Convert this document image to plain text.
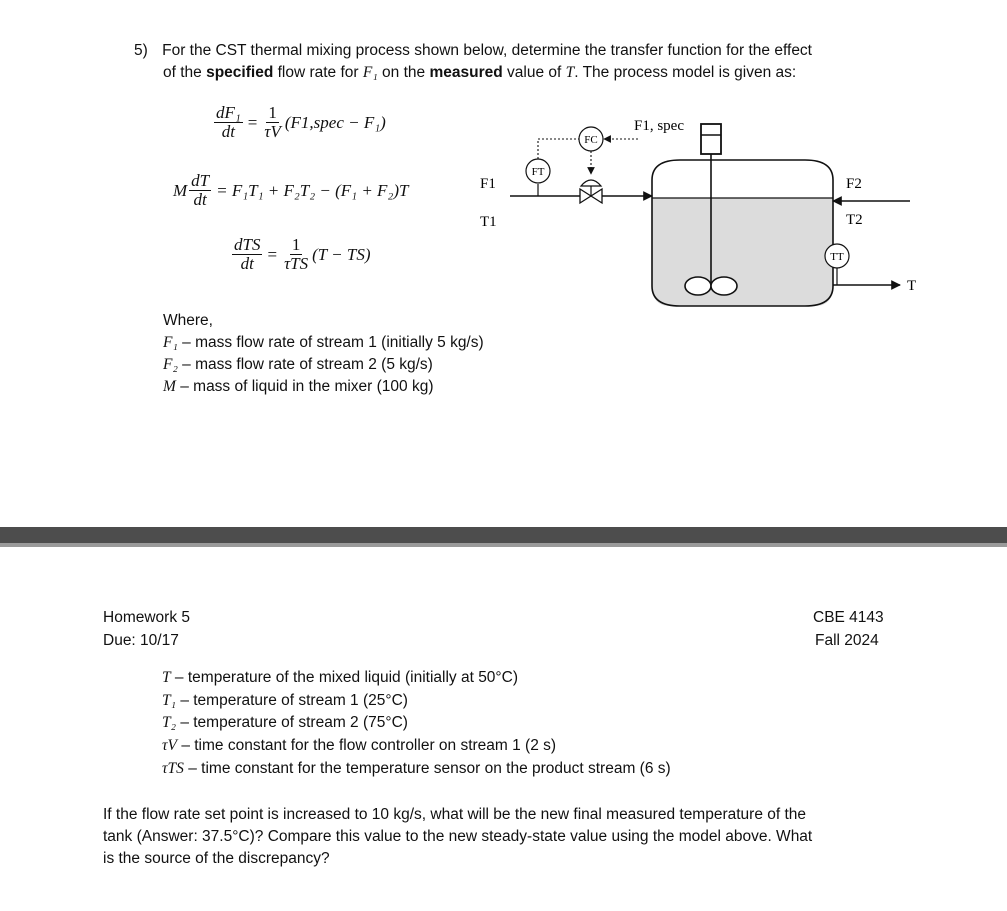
5) For the CST thermal mixing process shown below, determine the transfer function for the effect
of the specified flow rate for F₁ on the measured value of T. The process model is given as:
$\frac{\text{dF₁}}{dt} = \frac{1}{\tau V}$ (F1,spec − F₁)
M $\frac{dT}{dt} = F_1T_1 + F_2T_2 - (F_1 + F_2)T$
$\frac{\text{dTS}}{dt} = \frac{1}{\text{τTS}} (T - TS)$
F1
T1
FT
FC
F1, spec
F2
T2
TT
T
Where,
F₁ – mass flow rate of stream 1 (initially 5 kg/s)
F₂ – mass flow rate of stream 2 (5 kg/s)
M – mass of liquid in the mixer (100 kg)
Homework 5
Due: 10/17
CBE 4143
Fall 2024
T – temperature of the mixed liquid (initially at 50°C)
T₁ – temperature of stream 1 (25°C)
T₂ – temperature of stream 2 (75°C)
τV – time constant for the flow controller on stream 1 (2 s)
τTS – time constant for the temperature sensor on the product stream (6 s)
If the flow rate set point is increased to 10 kg/s, what will be the new final measured temperature of the
tank (Answer: 37.5°C)? Compare this value to the new steady-state value using the model above. What
is the source of the discrepancy?
